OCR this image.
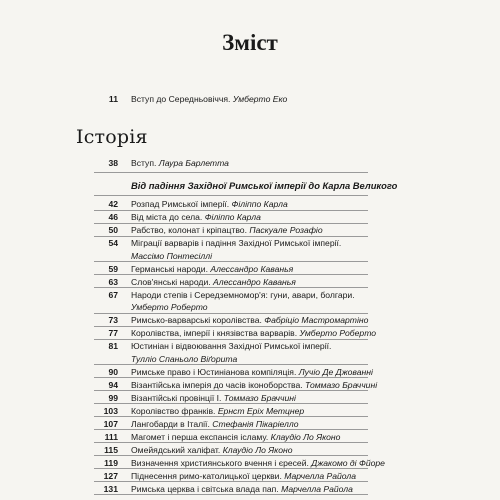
Зміст
11 Вступ до Середньовіччя. Умберто Еко
Історія
38 Вступ. Лаура Барлетта
Від падіння Західної Римської імперії до Карла Великого
42 Розпад Римської імперії. Філіппо Карла
46 Від міста до села. Філіппо Карла
50 Рабство, колонат і кріпацтво. Паскуале Розафіо
54 Міграції варварів і падіння Західної Римської імперії.
Массімо Понтесіллі
59 Германські народи. Алессандро Каванья
63 Слов'янські народи. Алессандро Каванья
67 Народи степів і Середземномор'я: гуни, авари, болгари.
Умберто Роберто
73 Римсько-варварські королівства. Фабріціо Мастромартіно
77 Королівства, імперії і князівства варварів. Умберто Роберто
81 Юстиніан і відвоювання Західної Римської імперії.
Тулліо Спаньоло Віґорита
90 Римське право і Юстиніанова компіляція. Лучіо Де Джованні
94 Візантійська імперія до часів іконоборства. Томмазо Браччині
99 Візантійські провінції І. Томмазо Браччині
103 Королівство франків. Ернст Еріх Метцнер
107 Лангобарди в Італії. Стефанія Пікаріелло
111 Магомет і перша експансія ісламу. Клаудіо Ло Яконо
115 Омейядський халіфат. Клаудіо Ло Яконо
119 Визначення християнського вчення і єресей. Джакомо ді Фйоре
127 Піднесення римо-католицької церкви. Марчелла Райола
131 Римська церква і світська влада пап. Марчелла Райола
